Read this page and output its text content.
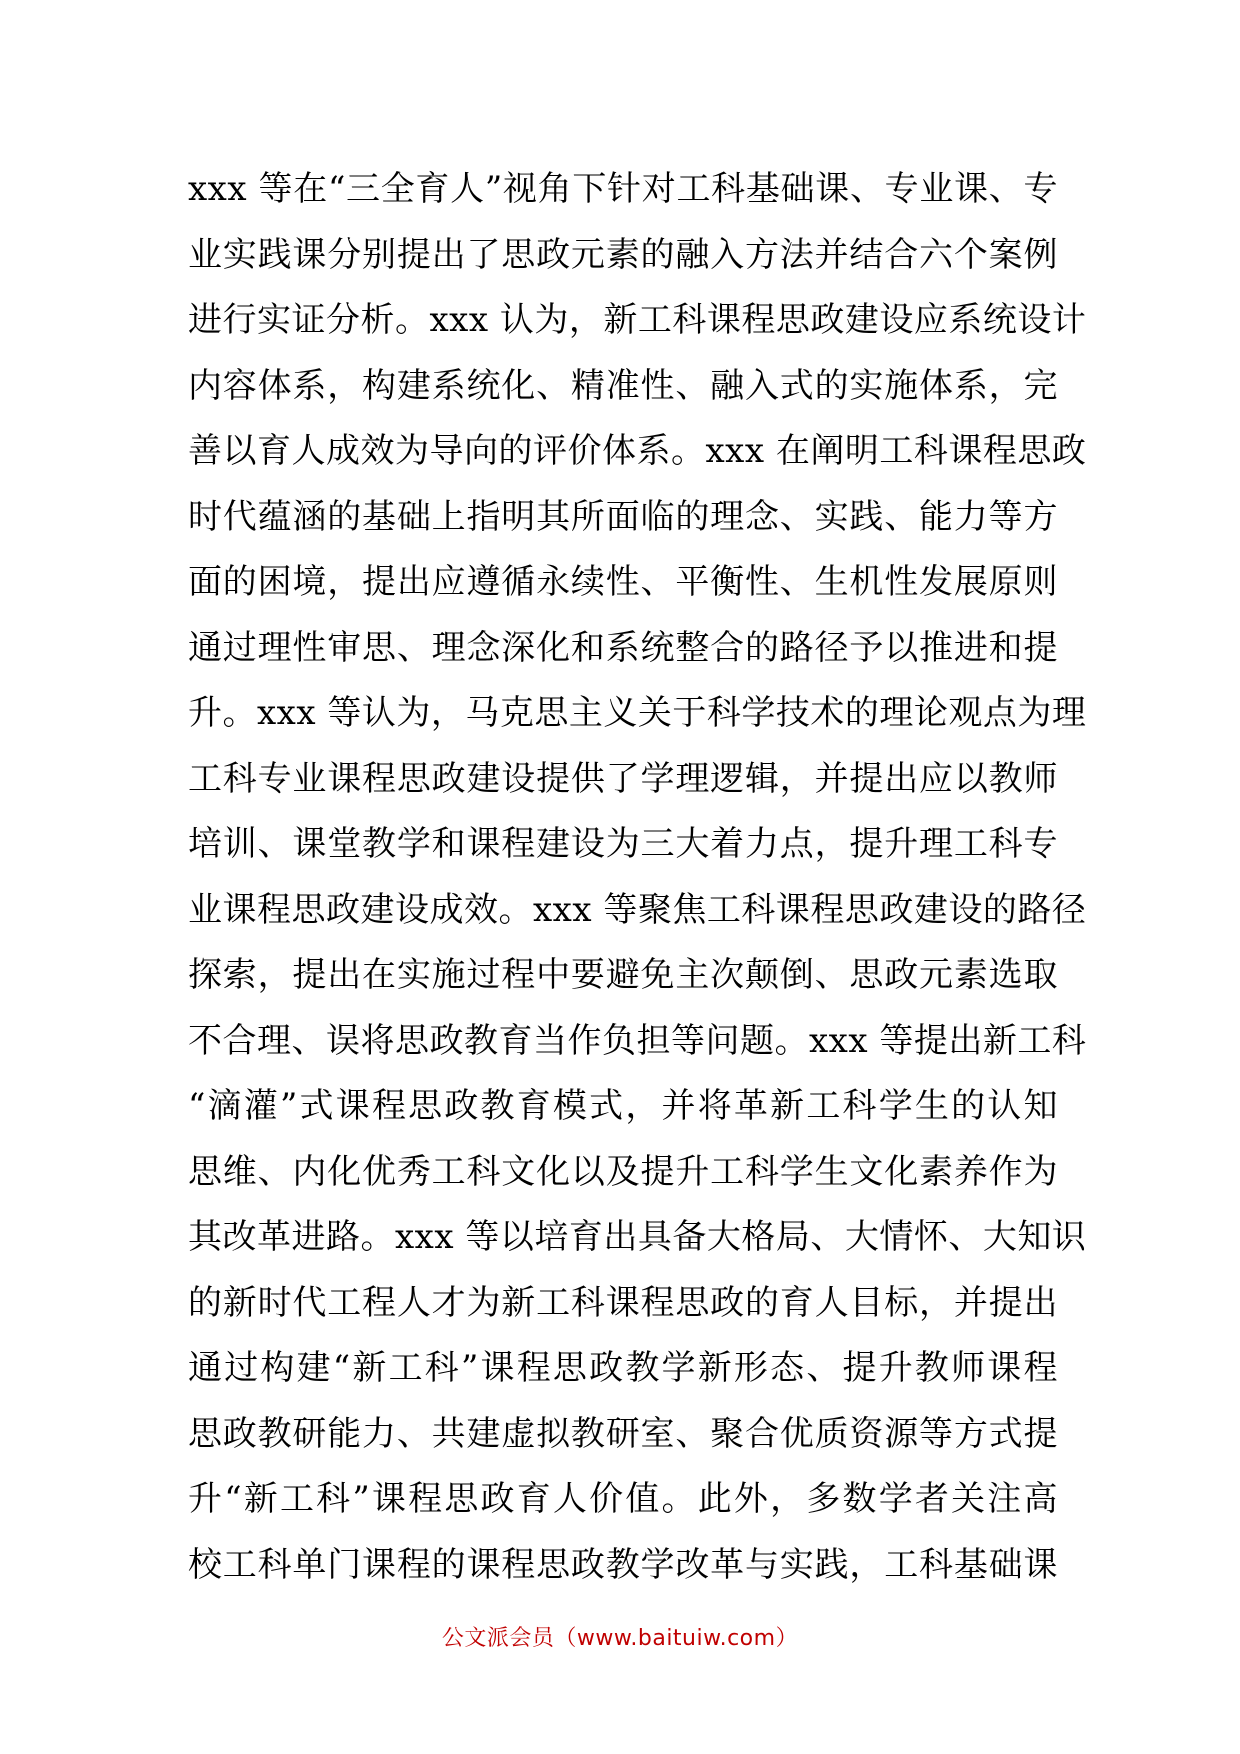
xxx 等在“三全育人”视角下针对工科基础课、专业课、专
业实践课分别提出了思政元素的融入方法并结合六个案例
进行实证分析。xxx 认为，新工科课程思政建设应系统设计
内容体系，构建系统化、精准性、融入式的实施体系，完
善以育人成效为导向的评价体系。xxx 在阐明工科课程思政
时代蕴涵的基础上指明其所面临的理念、实践、能力等方
面的困境，提出应遵循永续性、平衡性、生机性发展原则
通过理性审思、理念深化和系统整合的路径予以推进和提
升。xxx 等认为，马克思主义关于科学技术的理论观点为理
工科专业课程思政建设提供了学理逻辑，并提出应以教师
培训、课堂教学和课程建设为三大着力点，提升理工科专
业课程思政建设成效。xxx 等聚焦工科课程思政建设的路径
探索，提出在实施过程中要避免主次颠倒、思政元素选取
不合理、误将思政教育当作负担等问题。xxx 等提出新工科
“滴灌”式课程思政教育模式，并将革新工科学生的认知
思维、内化优秀工科文化以及提升工科学生文化素养作为
其改革进路。xxx 等以培育出具备大格局、大情怀、大知识
的新时代工程人才为新工科课程思政的育人目标，并提出
通过构建“新工科”课程思政教学新形态、提升教师课程
思政教研能力、共建虚拟教研室、聚合优质资源等方式提
升“新工科”课程思政育人价值。此外，多数学者关注高
校工科单门课程的课程思政教学改革与实践，工科基础课
公文派会员（www.baituiw.com）
